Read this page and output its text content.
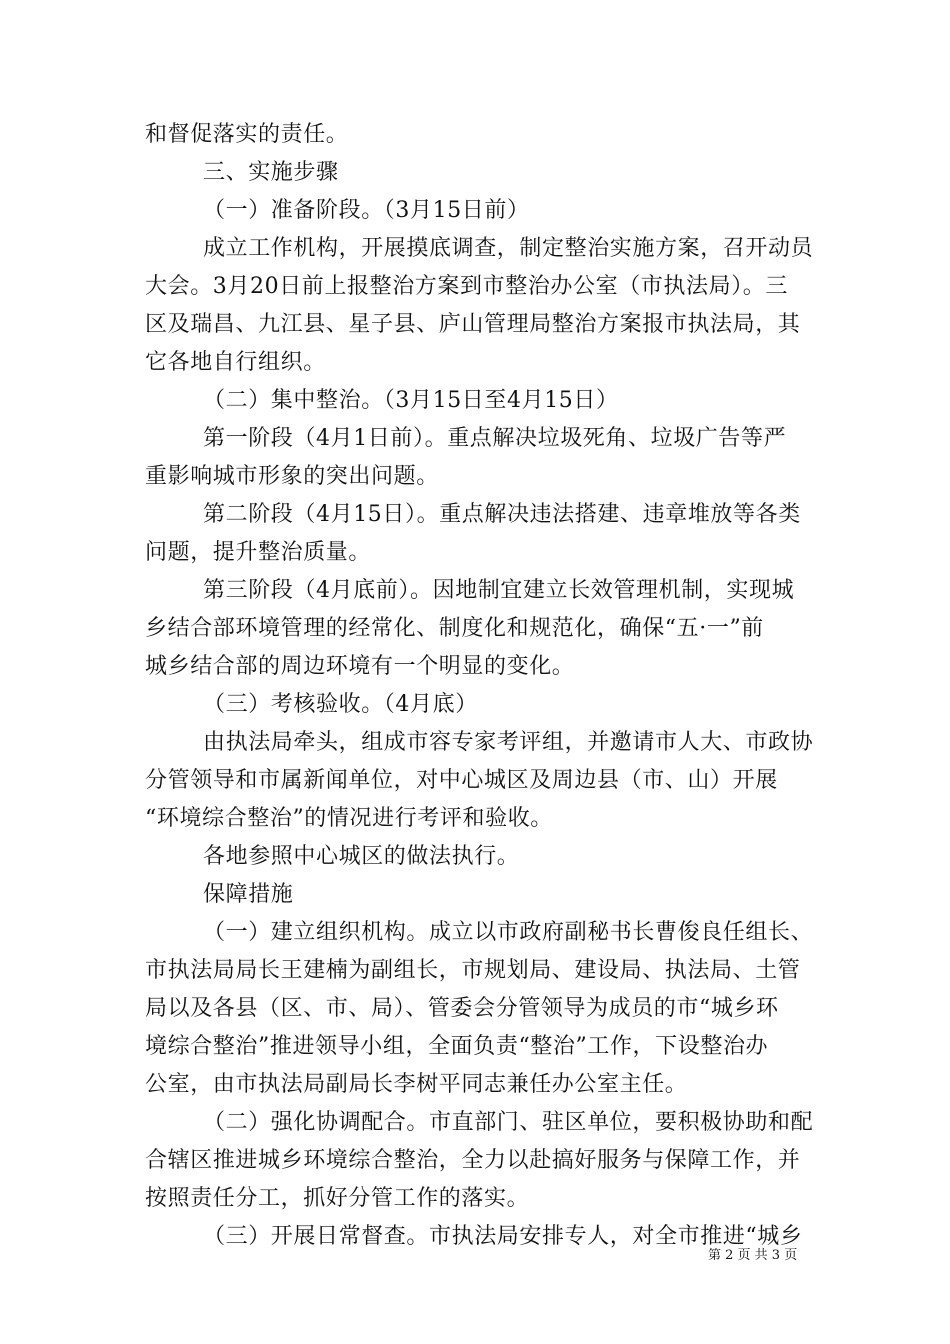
和督促落实的责任。
三、实施步骤
（一）准备阶段。（3月15日前）
成立工作机构，开展摸底调查，制定整治实施方案，召开动员
大会。3月20日前上报整治方案到市整治办公室（市执法局）。三
区及瑞昌、九江县、星子县、庐山管理局整治方案报市执法局，其
它各地自行组织。
（二）集中整治。（3月15日至4月15日）
第一阶段（4月1日前）。重点解决垃圾死角、垃圾广告等严
重影响城市形象的突出问题。
第二阶段（4月15日）。重点解决违法搭建、违章堆放等各类
问题，提升整治质量。
第三阶段（4月底前）。因地制宜建立长效管理机制，实现城
乡结合部环境管理的经常化、制度化和规范化，确保“五·一”前
城乡结合部的周边环境有一个明显的变化。
（三）考核验收。（4月底）
由执法局牵头，组成市容专家考评组，并邀请市人大、市政协
分管领导和市属新闻单位，对中心城区及周边县（市、山）开展
“环境综合整治”的情况进行考评和验收。
各地参照中心城区的做法执行。
保障措施
（一）建立组织机构。成立以市政府副秘书长曹俊良任组长、
市执法局局长王建楠为副组长，市规划局、建设局、执法局、土管
局以及各县（区、市、局）、管委会分管领导为成员的市“城乡环
境综合整治”推进领导小组，全面负责“整治”工作，下设整治办
公室，由市执法局副局长李树平同志兼任办公室主任。
（二）强化协调配合。市直部门、驻区单位，要积极协助和配
合辖区推进城乡环境综合整治，全力以赴搞好服务与保障工作，并
按照责任分工，抓好分管工作的落实。
（三）开展日常督查。市执法局安排专人，对全市推进“城乡
第 2 页 共 3 页
